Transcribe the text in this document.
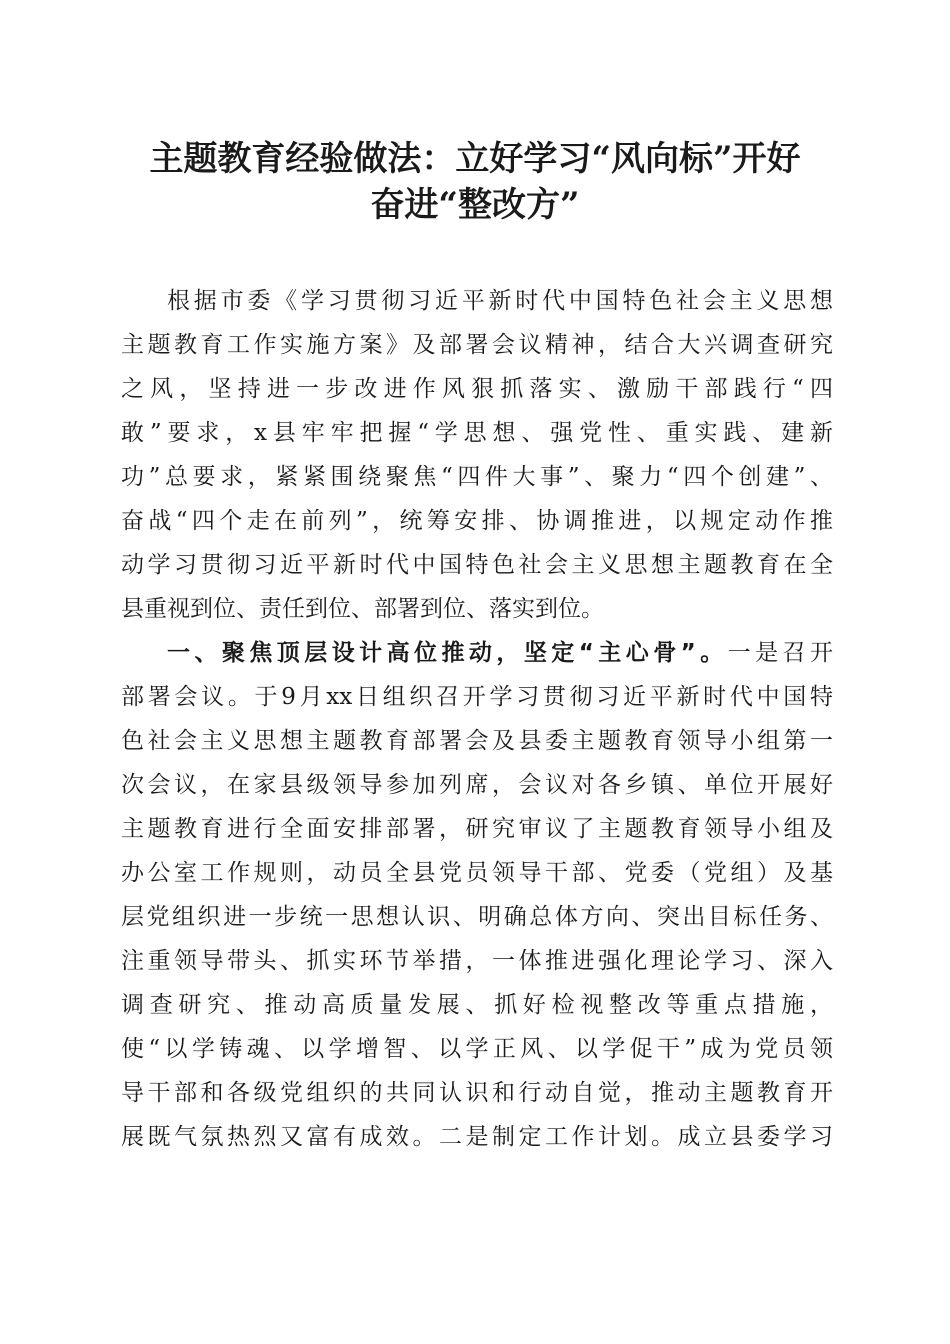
主题教育经验做法：立好学习“风向标”开好
奋进“整改方”
根据市委《学习贯彻习近平新时代中国特色社会主义思想
主题教育工作实施方案》及部署会议精神，结合大兴调查研究
之风，坚持进一步改进作风狠抓落实、激励干部践行“四
敢”要求，x县牢牢把握“学思想、强党性、重实践、建新
功”总要求，紧紧围绕聚焦“四件大事”、聚力“四个创建”、
奋战“四个走在前列”，统筹安排、协调推进，以规定动作推
动学习贯彻习近平新时代中国特色社会主义思想主题教育在全
县重视到位、责任到位、部署到位、落实到位。
一、聚焦顶层设计高位推动，坚定“主心骨”。一是召开
部署会议。于9月xx日组织召开学习贯彻习近平新时代中国特
色社会主义思想主题教育部署会及县委主题教育领导小组第一
次会议，在家县级领导参加列席，会议对各乡镇、单位开展好
主题教育进行全面安排部署，研究审议了主题教育领导小组及
办公室工作规则，动员全县党员领导干部、党委（党组）及基
层党组织进一步统一思想认识、明确总体方向、突出目标任务、
注重领导带头、抓实环节举措，一体推进强化理论学习、深入
调查研究、推动高质量发展、抓好检视整改等重点措施，
使“以学铸魂、以学增智、以学正风、以学促干”成为党员领
导干部和各级党组织的共同认识和行动自觉，推动主题教育开
展既气氛热烈又富有成效。二是制定工作计划。成立县委学习
